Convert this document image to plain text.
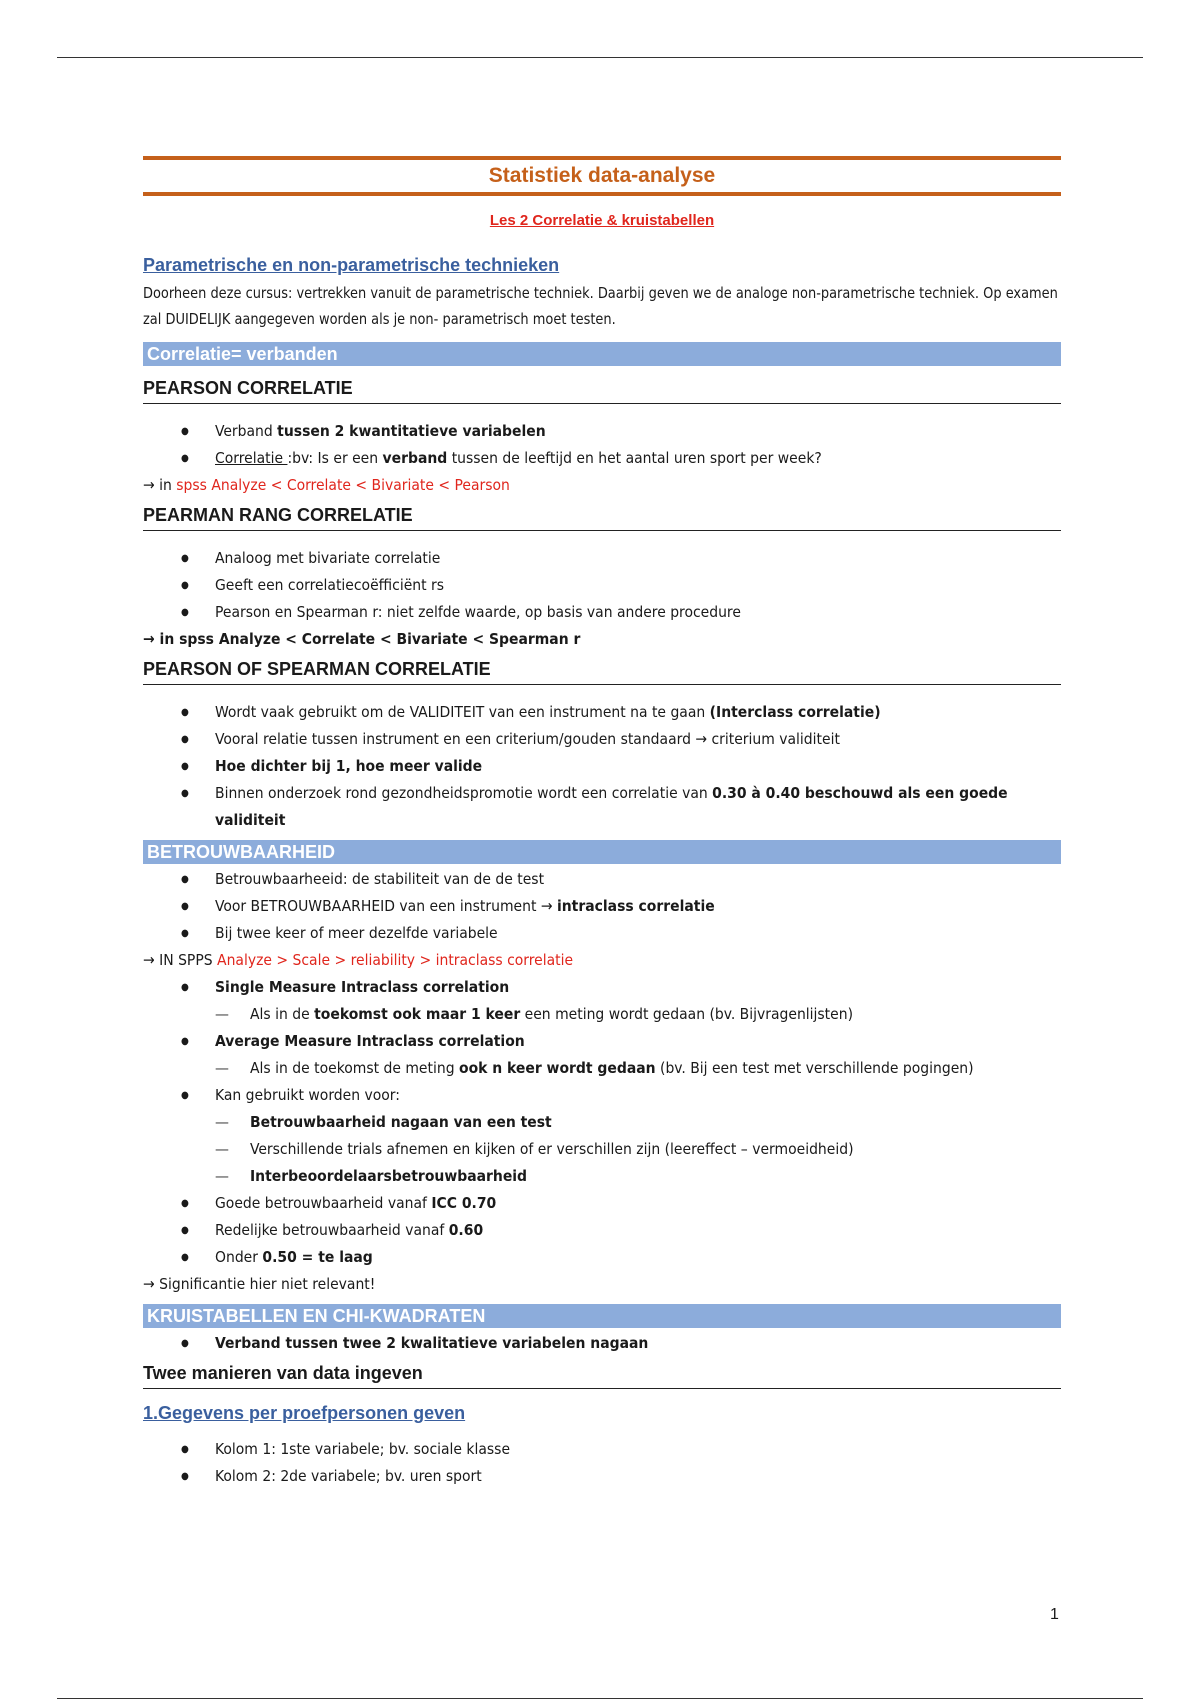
Statistiek data-analyse
Les 2 Correlatie & kruistabellen
Parametrische en non-parametrische technieken
Doorheen deze cursus: vertrekken vanuit de parametrische techniek. Daarbij geven we de analoge non-parametrische techniek. Op examen zal DUIDELIJK aangegeven worden als je non- parametrisch moet testen.
Correlatie= verbanden
PEARSON CORRELATIE
● Verband tussen 2 kwantitatieve variabelen
● Correlatie :bv: Is er een verband tussen de leeftijd en het aantal uren sport per week?
→ in spss Analyze < Correlate < Bivariate < Pearson
PEARMAN RANG CORRELATIE
● Analoog met bivariate correlatie
● Geeft een correlatiecoëfficiënt rs
● Pearson en Spearman r: niet zelfde waarde, op basis van andere procedure
→ in spss Analyze < Correlate < Bivariate < Spearman r
PEARSON OF SPEARMAN CORRELATIE
● Wordt vaak gebruikt om de VALIDITEIT van een instrument na te gaan (Interclass correlatie)
● Vooral relatie tussen instrument en een criterium/gouden standaard → criterium validiteit
● Hoe dichter bij 1, hoe meer valide
● Binnen onderzoek rond gezondheidspromotie wordt een correlatie van 0.30 à 0.40 beschouwd als een goede
validiteit
BETROUWBAARHEID
● Betrouwbaarheeid: de stabiliteit van de de test
● Voor BETROUWBAARHEID van een instrument → intraclass correlatie
● Bij twee keer of meer dezelfde variabele
→ IN SPPS Analyze > Scale > reliability > intraclass correlatie
● Single Measure Intraclass correlation
— Als in de toekomst ook maar 1 keer een meting wordt gedaan (bv. Bijvragenlijsten)
● Average Measure Intraclass correlation
— Als in de toekomst de meting ook n keer wordt gedaan (bv. Bij een test met verschillende pogingen)
● Kan gebruikt worden voor:
— Betrouwbaarheid nagaan van een test
— Verschillende trials afnemen en kijken of er verschillen zijn (leereffect – vermoeidheid)
— Interbeoordelaarsbetrouwbaarheid
● Goede betrouwbaarheid vanaf ICC 0.70
● Redelijke betrouwbaarheid vanaf 0.60
● Onder 0.50 = te laag
→ Significantie hier niet relevant!
KRUISTABELLEN EN CHI-KWADRATEN
● Verband tussen twee 2 kwalitatieve variabelen nagaan
Twee manieren van data ingeven
1.Gegevens per proefpersonen geven
● Kolom 1: 1ste variabele; bv. sociale klasse
● Kolom 2: 2de variabele; bv. uren sport
1
